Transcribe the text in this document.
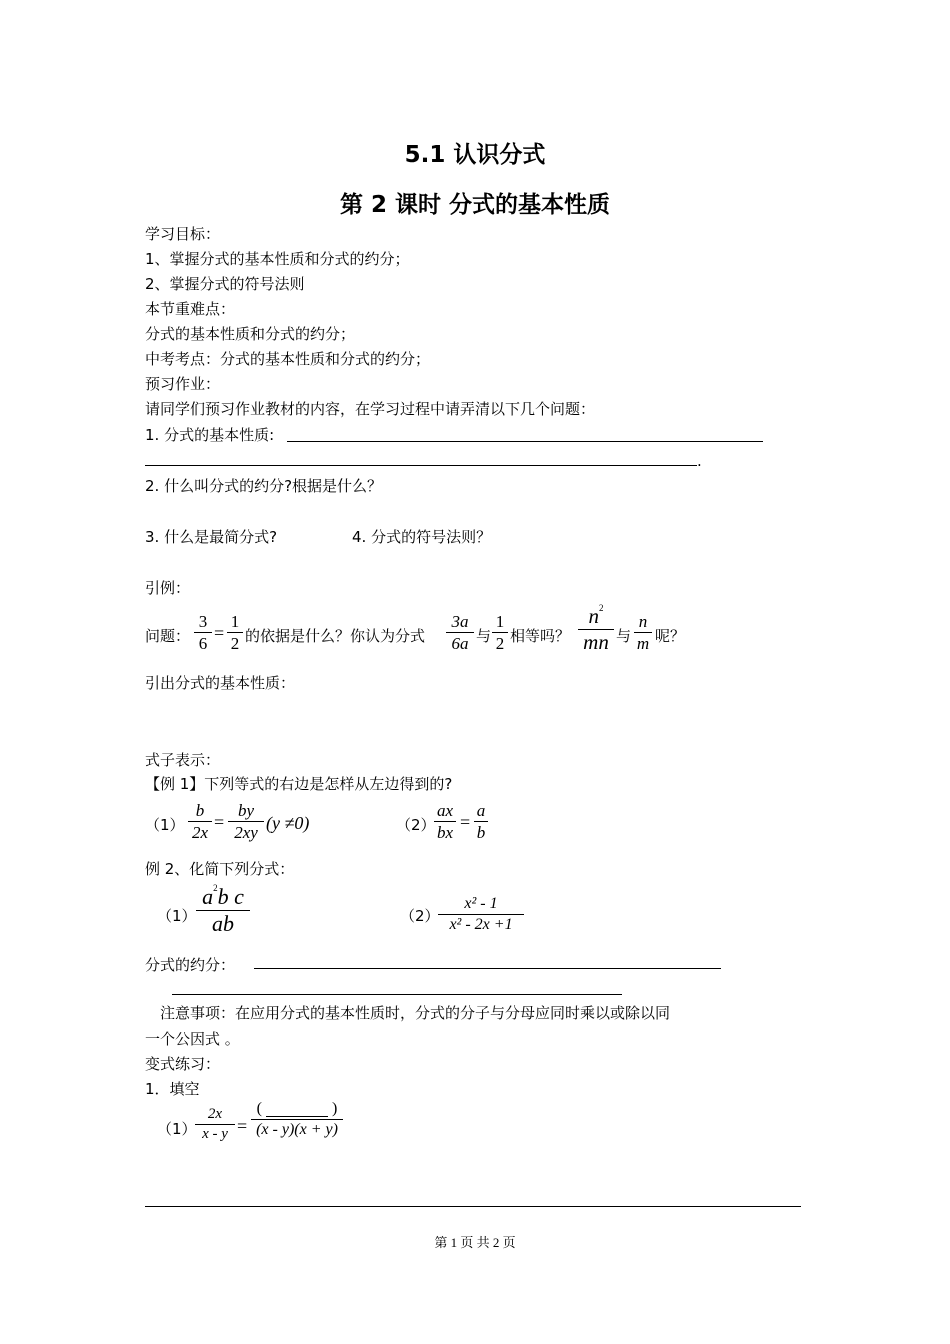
5.1 认识分式
第 2 课时 分式的基本性质
学习目标：
1、掌握分式的基本性质和分式的约分；
2、掌握分式的符号法则
本节重难点：
分式的基本性质和分式的约分；
中考考点：分式的基本性质和分式的约分；
预习作业：
请同学们预习作业教材的内容，在学习过程中请弄清以下几个问题：
1. 分式的基本性质:
.
2. 什么叫分式的约分?根据是什么？
3. 什么是最简分式?	4. 分式的符号法则？
引例：
问题：
3
6
=
1
2 的依据是什么？你认为分式
3a
6a 与
1
2 相等吗？
$n^2$
mn 与
n
m 呢？
引出分式的基本性质：
式子表示：
【例 1】下列等式的右边是怎样从左边得到的?
（1）
b
2x
=
by
2xy (y ≠0)	（2）
ax
bx
=
a
b
例 2、化简下列分式：
（1）
$a^2b$ c
ab	（2）
x² - 1
x² - 2x +1
分式的约分：
注意事项：在应用分式的基本性质时，分式的分子与分母应同时乘以或除以同
一个公因式 。
变式练习：
1．填空
（1）
2x
x - y =
(	)
(x - y)(x + y)
第 1 页 共 2 页
